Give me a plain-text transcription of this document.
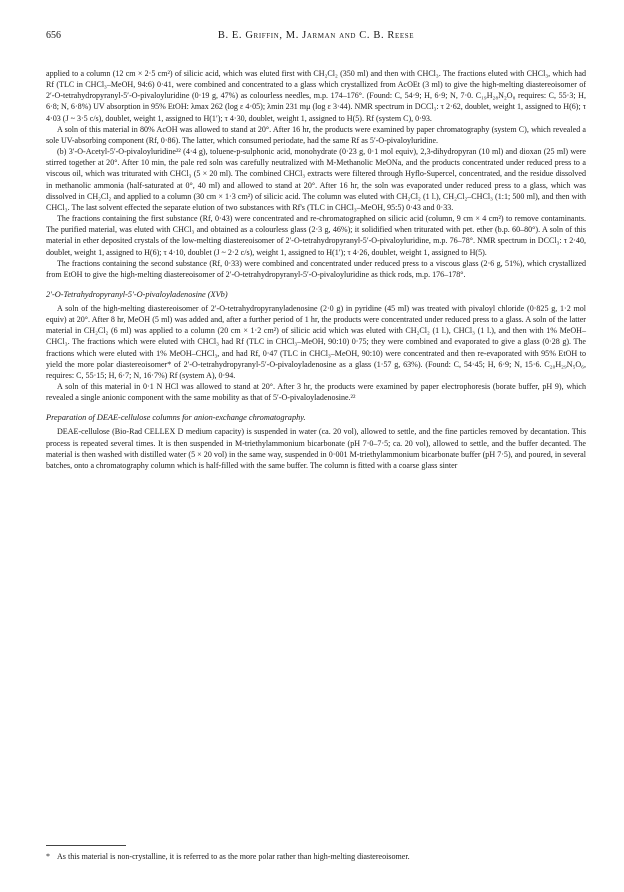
656	B. E. Griffin, M. Jarman and C. B. Reese

applied to a column (12 cm × 2·5 cm²) of silicic acid, which was eluted first with CH₂Cl₂ (350 ml) and then with CHCl₃. The fractions eluted with CHCl₃, which had Rf (TLC in CHCl₃–MeOH, 94:6) 0·41, were combined and concentrated to a glass which crystallized from AcOEt (3 ml) to give the high-melting diastereoisomer of 2′-O-tetrahydropyranyl-5′-O-pivaloyluridine (0·19 g, 47%) as colourless needles, m.p. 174–176°. (Found: C, 54·9; H, 6·9; N, 7·0. C₁₉H₂₈N₂O₈ requires: C, 55·3; H, 6·8; N, 6·8%) UV absorption in 95% EtOH: λmax 262 (log ε 4·05); λmin 231 mμ (log ε 3·44). NMR spectrum in DCCl₃: τ 2·62, doublet, weight 1, assigned to H(6); τ 4·03 (J ~ 3·5 c/s), doublet, weight 1, assigned to H(1′); τ 4·30, doublet, weight 1, assigned to H(5). Rf (system C), 0·93.

A soln of this material in 80% AcOH was allowed to stand at 20°. After 16 hr, the products were examined by paper chromatography (system C), which revealed a sole UV-absorbing component (Rf, 0·86). The latter, which consumed periodate, had the same Rf as 5′-O-pivaloyluridine.

(b) 3′-O-Acetyl-5′-O-pivaloyluridine²² (4·4 g), toluene-p-sulphonic acid, monohydrate (0·23 g, 0·1 mol equiv), 2,3-dihydropyran (10 ml) and dioxan (25 ml) were stirred together at 20°. After 10 min, the pale red soln was carefully neutralized with M-Methanolic MeONa, and the products concentrated under reduced press to a viscous oil, which was triturated with CHCl₃ (5 × 20 ml). The combined CHCl₃ extracts were filtered through Hyflo-Supercel, concentrated, and the residue dissolved in methanolic ammonia (half-saturated at 0°, 40 ml) and allowed to stand at 20°. After 16 hr, the soln was evaporated under reduced press to a glass, which was dissolved in CH₂Cl₂ and applied to a column (30 cm × 1·3 cm²) of silicic acid. The column was eluted with CH₂Cl₂ (1 l.), CH₂Cl₂–CHCl₃ (1:1; 500 ml), and then with CHCl₃. The last solvent effected the separate elution of two substances with Rf's (TLC in CHCl₃–MeOH, 95:5) 0·43 and 0·33.

The fractions containing the first substance (Rf, 0·43) were concentrated and re-chromatographed on silicic acid (column, 9 cm × 4 cm²) to remove contaminants. The purified material, was eluted with CHCl₃ and obtained as a colourless glass (2·3 g, 46%); it solidified when triturated with pet. ether (b.p. 60–80°). A soln of this material in ether deposited crystals of the low-melting diastereoisomer of 2′-O-tetrahydropyranyl-5′-O-pivaloyluridine, m.p. 76–78°. NMR spectrum in DCCl₃: τ 2·40, doublet, weight 1, assigned to H(6); τ 4·10, doublet (J ~ 2·2 c/s), weight 1, assigned to H(1′); τ 4·26, doublet, weight 1, assigned to H(5).

The fractions containing the second substance (Rf, 0·33) were combined and concentrated under reduced press to a viscous glass (2·6 g, 51%), which crystallized from EtOH to give the high-melting diastereoisomer of 2′-O-tetrahydropyranyl-5′-O-pivaloyluridine as thick rods, m.p. 176–178°.

2′-O-Tetrahydropyranyl-5′-O-pivaloyladenosine (XVb)

A soln of the high-melting diastereoisomer of 2′-O-tetrahydropyranyladenosine (2·0 g) in pyridine (45 ml) was treated with pivaloyl chloride (0·825 g, 1·2 mol equiv) at 20°. After 8 hr, MeOH (5 ml) was added and, after a further period of 1 hr, the products were concentrated under reduced press to a glass. A soln of the latter material in CH₂Cl₂ (6 ml) was applied to a column (20 cm × 1·2 cm²) of silicic acid which was eluted with CH₂Cl₂ (1 l.), CHCl₃ (1 l.), and then with 1% MeOH–CHCl₃. The fractions which were eluted with CHCl₃ had Rf (TLC in CHCl₃–MeOH, 90:10) 0·75; they were combined and evaporated to give a glass (0·28 g). The fractions which were eluted with 1% MeOH–CHCl₃, and had Rf, 0·47 (TLC in CHCl₃–MeOH, 90:10) were concentrated and then re-evaporated with 95% EtOH to yield the more polar diastereoisomer* of 2′-O-tetrahydropyranyl-5′-O-pivaloyladenosine as a glass (1·57 g, 63%). (Found: C, 54·45; H, 6·9; N, 15·6. C₂₀H₂₉N₅O₆, requires: C, 55·15; H, 6·7; N, 16·7%) Rf (system A), 0·94.

A soln of this material in 0·1 N HCl was allowed to stand at 20°. After 3 hr, the products were examined by paper electrophoresis (borate buffer, pH 9), which revealed a single anionic component with the same mobility as that of 5′-O-pivaloyladenosine.²²

Preparation of DEAE-cellulose columns for anion-exchange chromatography.

DEAE-cellulose (Bio-Rad CELLEX D medium capacity) is suspended in water (ca. 20 vol), allowed to settle, and the fine particles removed by decantation. This process is repeated several times. It is then suspended in M-triethylammonium bicarbonate (pH 7·0–7·5; ca. 20 vol), allowed to settle, and the buffer decanted. The material is then washed with distilled water (5 × 20 vol) in the same way, suspended in 0·001 M-triethylammonium bicarbonate buffer (pH 7·5), and poured, in several batches, onto a chromatography column which is half-filled with the same buffer. The column is fitted with a coarse glass sinter

* As this material is non-crystalline, it is referred to as the more polar rather than high-melting diastereoisomer.
